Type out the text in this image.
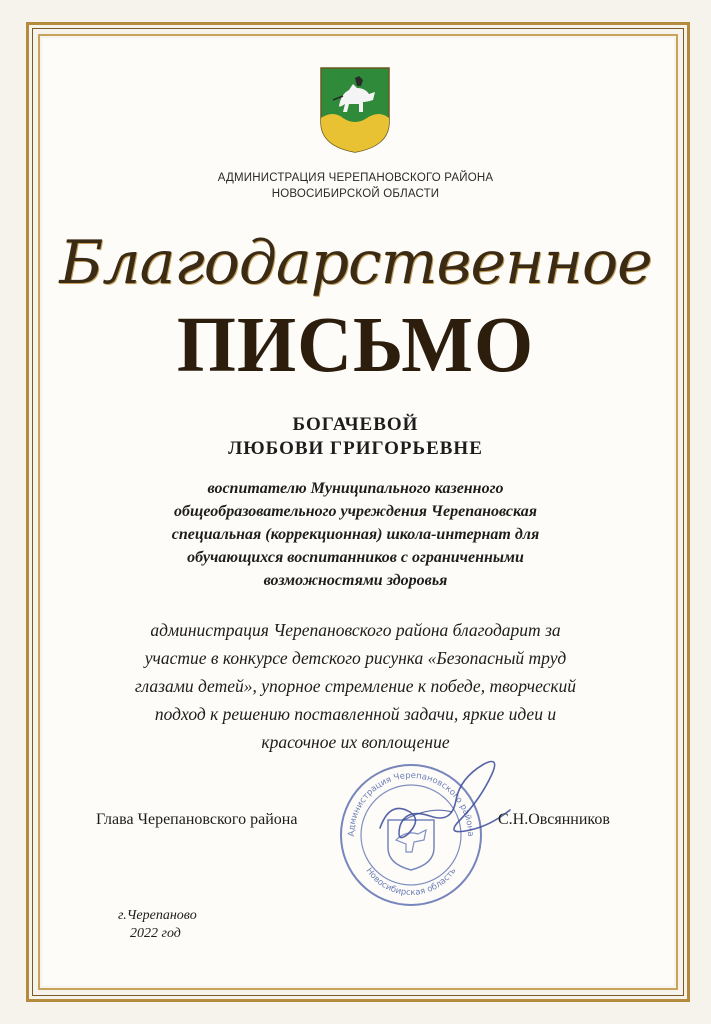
АДМИНИСТРАЦИЯ ЧЕРЕПАНОВСКОГО РАЙОНА
НОВОСИБИРСКОЙ ОБЛАСТИ
Благодарственное
ПИСЬМО
БОГАЧЕВОЙ
ЛЮБОВИ ГРИГОРЬЕВНЕ
воспитателю Муниципального казенного
общеобразовательного учреждения Черепановская
специальная (коррекционная) школа-интернат для
обучающихся воспитанников с ограниченными
возможностями здоровья
администрация Черепановского района благодарит за
участие в конкурсе детского рисунка «Безопасный труд
глазами детей», упорное стремление к победе, творческий
подход к решению поставленной задачи, яркие идеи и
красочное их воплощение
Администрация Черепановского района
Новосибирская область
Глава Черепановского района	С.Н.Овсянников
г.Черепаново
2022 год
